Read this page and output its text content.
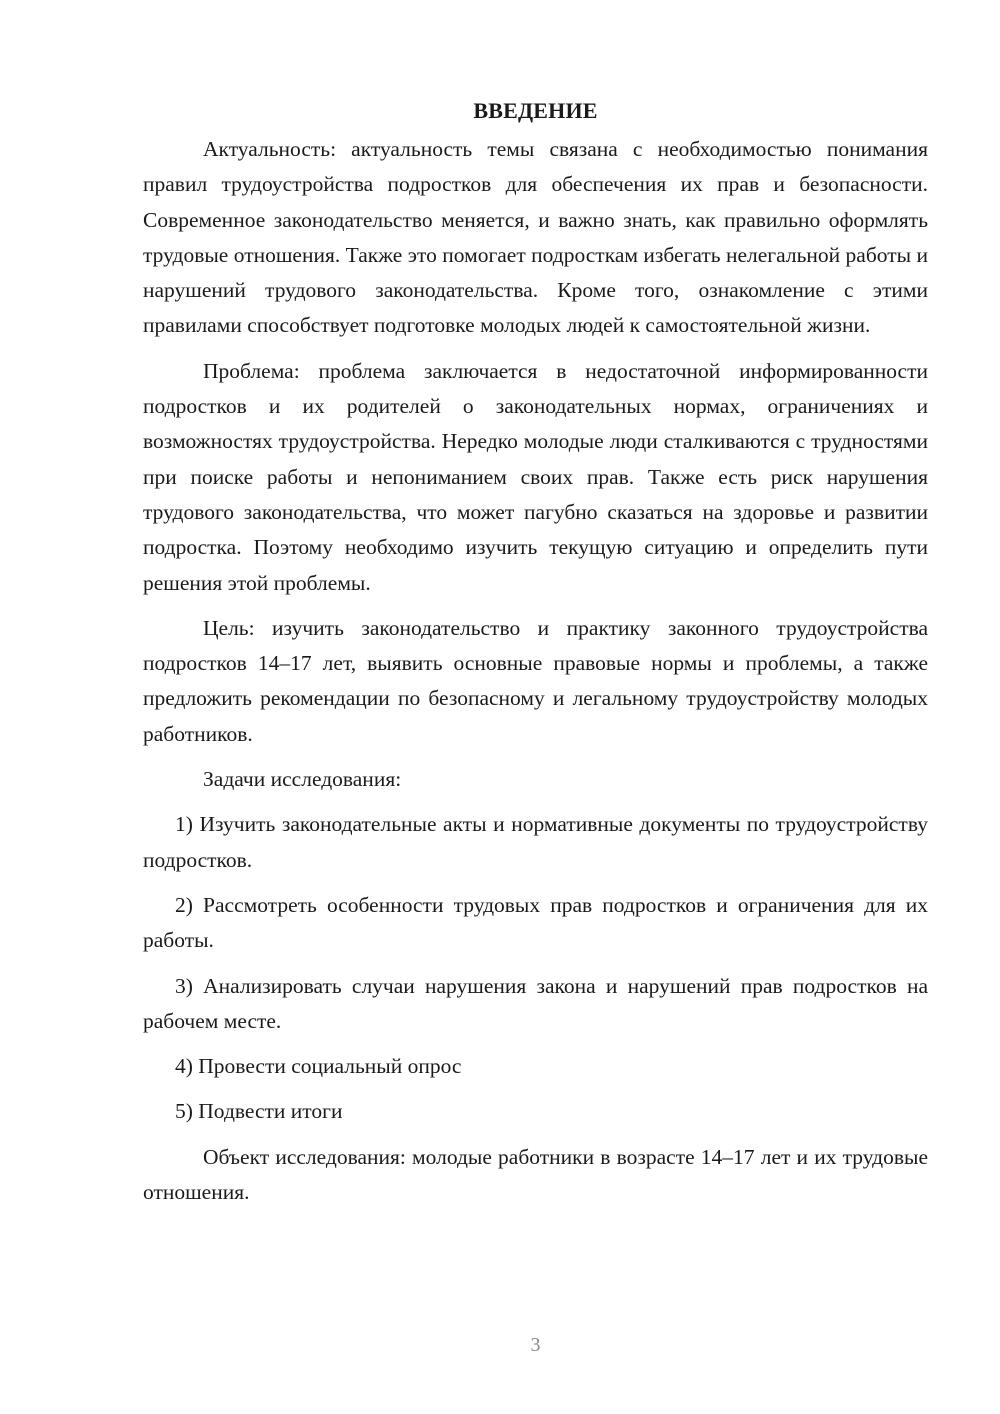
ВВЕДЕНИЕ

Актуальность: актуальность темы связана с необходимостью понимания правил трудоустройства подростков для обеспечения их прав и безопасности. Современное законодательство меняется, и важно знать, как правильно оформлять трудовые отношения. Также это помогает подросткам избегать нелегальной работы и нарушений трудового законодательства. Кроме того, ознакомление с этими правилами способствует подготовке молодых людей к самостоятельной жизни.

Проблема: проблема заключается в недостаточной информированности подростков и их родителей о законодательных нормах, ограничениях и возможностях трудоустройства. Нередко молодые люди сталкиваются с трудностями при поиске работы и непониманием своих прав. Также есть риск нарушения трудового законодательства, что может пагубно сказаться на здоровье и развитии подростка. Поэтому необходимо изучить текущую ситуацию и определить пути решения этой проблемы.

Цель: изучить законодательство и практику законного трудоустройства подростков 14–17 лет, выявить основные правовые нормы и проблемы, а также предложить рекомендации по безопасному и легальному трудоустройству молодых работников.

Задачи исследования:

1) Изучить законодательные акты и нормативные документы по трудоустройству подростков.
2) Рассмотреть особенности трудовых прав подростков и ограничения для их работы.
3) Анализировать случаи нарушения закона и нарушений прав подростков на рабочем месте.
4) Провести социальный опрос
5) Подвести итоги

Объект исследования: молодые работники в возрасте 14–17 лет и их трудовые отношения.

3
